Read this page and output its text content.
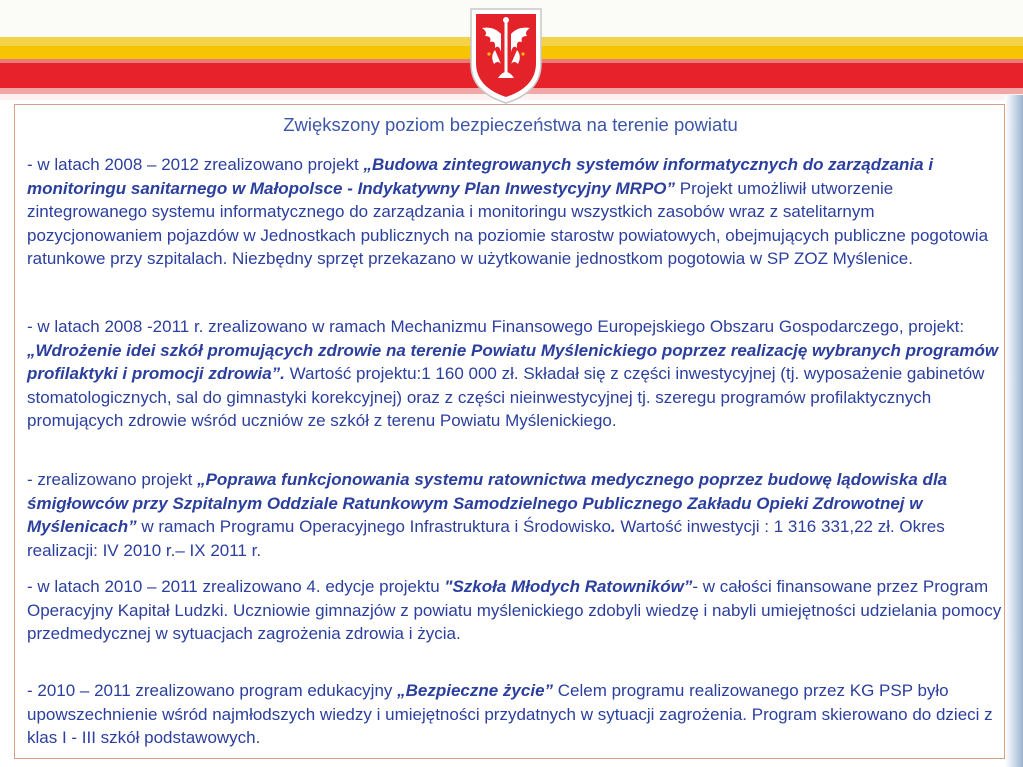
Zwiększony poziom bezpieczeństwa na terenie powiatu

- w latach 2008 – 2012 zrealizowano projekt „Budowa zintegrowanych systemów informatycznych do zarządzania i monitoringu sanitarnego w Małopolsce - Indykatywny Plan Inwestycyjny MRPO” Projekt umożliwił utworzenie zintegrowanego systemu informatycznego do zarządzania i monitoringu wszystkich zasobów wraz z satelitarnym pozycjonowaniem pojazdów w Jednostkach publicznych na poziomie starostw powiatowych, obejmujących publiczne pogotowia ratunkowe przy szpitalach. Niezbędny sprzęt przekazano w użytkowanie jednostkom pogotowia w SP ZOZ Myślenice.

- w latach 2008 -2011 r. zrealizowano w ramach Mechanizmu Finansowego Europejskiego Obszaru Gospodarczego, projekt: „Wdrożenie idei szkół promujących zdrowie na terenie Powiatu Myślenickiego poprzez realizację wybranych programów profilaktyki i promocji zdrowia”. Wartość projektu:1 160 000 zł. Składał się z części inwestycyjnej (tj. wyposażenie gabinetów stomatologicznych, sal do gimnastyki korekcyjnej) oraz z części nieinwestycyjnej tj. szeregu programów profilaktycznych promujących zdrowie wśród uczniów ze szkół z terenu Powiatu Myślenickiego.

- zrealizowano projekt „Poprawa funkcjonowania systemu ratownictwa medycznego poprzez budowę lądowiska dla śmigłowców przy Szpitalnym Oddziale Ratunkowym Samodzielnego Publicznego Zakładu Opieki Zdrowotnej w Myślenicach” w ramach Programu Operacyjnego Infrastruktura i Środowisko. Wartość inwestycji : 1 316 331,22 zł. Okres realizacji: IV 2010 r.– IX 2011 r.

- w latach 2010 – 2011 zrealizowano 4. edycje projektu "Szkoła Młodych Ratowników”- w całości finansowane przez Program Operacyjny Kapitał Ludzki. Uczniowie gimnazjów z powiatu myślenickiego zdobyli wiedzę i nabyli umiejętności udzielania pomocy przedmedycznej w sytuacjach zagrożenia zdrowia i życia.

- 2010 – 2011 zrealizowano program edukacyjny „Bezpieczne życie” Celem programu realizowanego przez KG PSP było upowszechnienie wśród najmłodszych wiedzy i umiejętności przydatnych w sytuacji zagrożenia. Program skierowano do dzieci z klas I - III szkół podstawowych.
